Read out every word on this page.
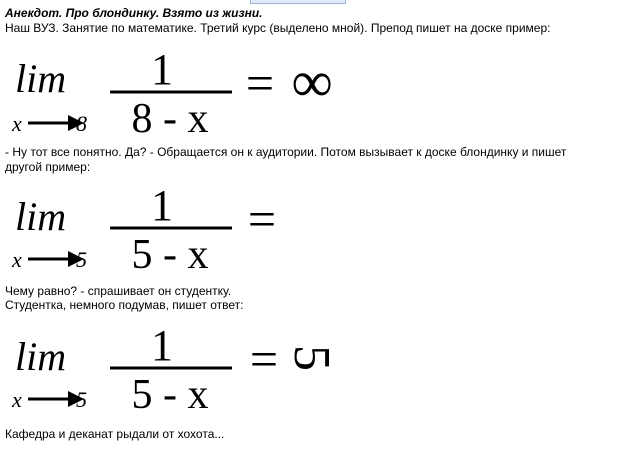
Анекдот. Про блондинку. Взято из жизни.
Наш ВУЗ. Занятие по математике. Третий курс (выделено мной). Препод пишет на доске пример:
lim
x 8
1
8 - x
= ∞
- Ну тот все понятно. Да? - Обращается он к аудитории. Потом вызывает к доске блондинку и пишет
другой пример:
lim
x 5
1
5 - x
=
Чему равно? - спрашивает он студентку.
Студентка, немного подумав, пишет ответ:
lim
x 5
1
5 - x
= 5
Кафедра и деканат рыдали от хохота...
